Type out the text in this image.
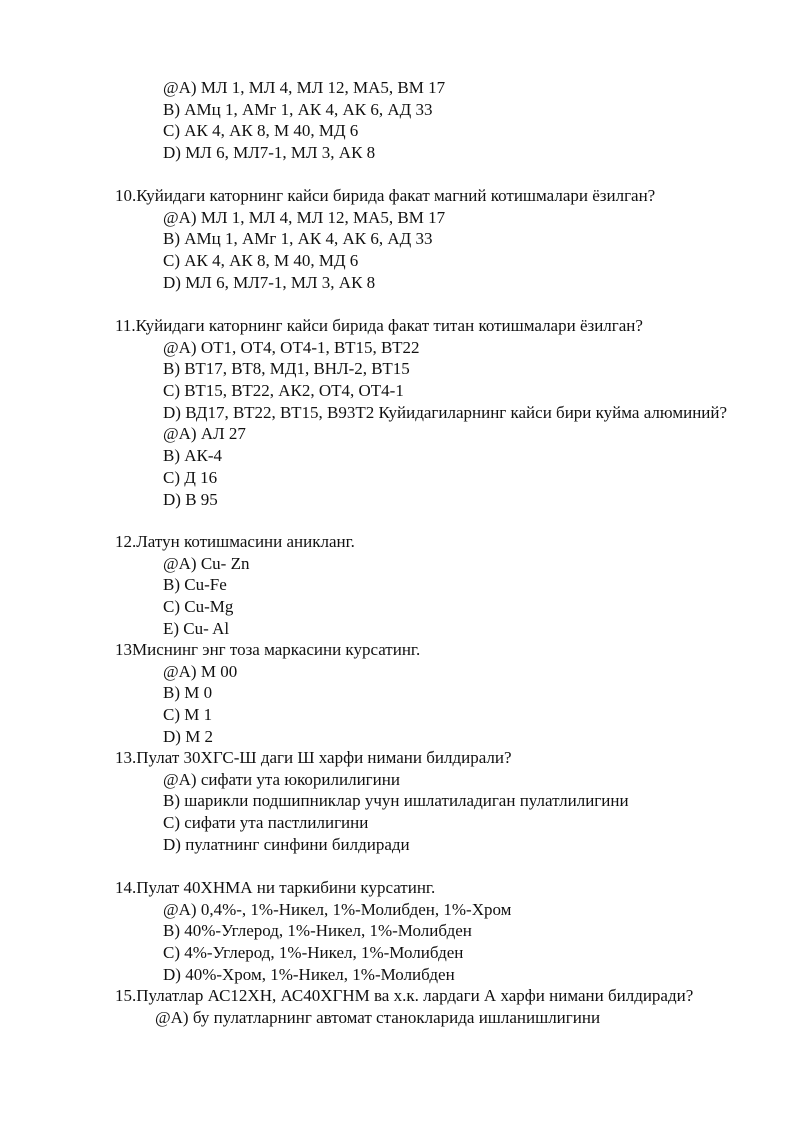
@A) МЛ 1, МЛ 4, МЛ 12, МА5, ВМ 17
B) АМц 1, АМг 1, АК 4, АК 6, АД 33
C) АК 4, АК 8, М 40, МД 6
D) МЛ 6, МЛ7-1, МЛ 3, АК 8
10.Куйидаги каторнинг кайси бирида факат магний котишмалари ёзилган?
@A) МЛ 1, МЛ 4, МЛ 12, МА5, ВМ 17
B) АМц 1, АМг 1, АК 4, АК 6, АД 33
C) АК 4, АК 8, М 40, МД 6
D) МЛ 6, МЛ7-1, МЛ 3, АК 8
11.Куйидаги каторнинг кайси бирида факат титан котишмалари ёзилган?
@A) ОТ1, ОТ4, ОТ4-1, ВТ15, ВТ22
B) ВТ17, ВТ8, МД1, ВНЛ-2, ВТ15
C) ВТ15, ВТ22, АК2, ОТ4, ОТ4-1
D) ВД17, ВТ22, ВТ15, В93Т2 Куйидагиларнинг кайси бири куйма алюминий?
@A) АЛ 27
B) АК-4
C) Д 16
D) В 95
12.Латун котишмасини аникланг.
@A) Cu- Zn
B) Cu-Fe
C) Cu-Mg
E) Cu- Al
13Миснинг энг тоза маркасини курсатинг.
@A) М 00
B) М 0
C) М 1
D) М 2
13.Пулат 30ХГС-Ш даги Ш харфи нимани билдирали?
@A) сифати ута юкорилилигини
B) шарикли подшипниклар учун ишлатиладиган пулатлилигини
C) сифати ута пастлилигини
D) пулатнинг синфини билдиради
14.Пулат 40ХНМА ни таркибини курсатинг.
@A) 0,4%-, 1%-Никел, 1%-Молибден, 1%-Хром
B) 40%-Углерод, 1%-Никел, 1%-Молибден
C) 4%-Углерод, 1%-Никел, 1%-Молибден
D) 40%-Хром, 1%-Никел, 1%-Молибден
15.Пулатлар АС12ХН, АС40ХГНМ ва х.к. лардаги А харфи нимани билдиради?
@A) бу пулатларнинг автомат станокларида ишланишлигини
